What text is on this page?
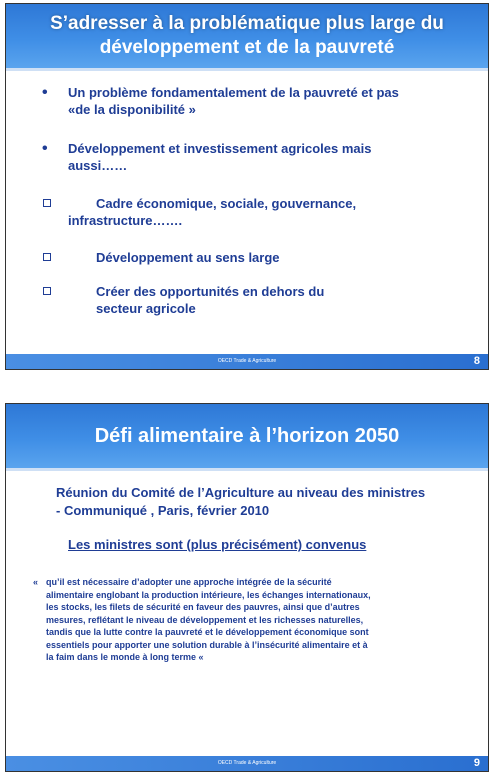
S’adresser à la problématique plus large du
développement et de la pauvreté
• Un problème fondamentalement de la pauvreté et pas
«de la disponibilité »
• Développement et investissement agricoles mais
aussi……
Cadre économique, sociale, gouvernance,
infrastructure…….
Développement au sens large
Créer des opportunités en dehors du
secteur agricole
OECD Trade & Agriculture	8
Défi alimentaire à l’horizon 2050
Réunion du Comité de l’Agriculture au niveau des ministres
- Communiqué , Paris, février 2010
Les ministres sont (plus précisément) convenus
« qu’il est nécessaire d’adopter une approche intégrée de la sécurité
alimentaire englobant la production intérieure, les échanges internationaux,
les stocks, les filets de sécurité en faveur des pauvres, ainsi que d’autres
mesures, reflétant le niveau de développement et les richesses naturelles,
tandis que la lutte contre la pauvreté et le développement économique sont
essentiels pour apporter une solution durable à l’insécurité alimentaire et à
la faim dans le monde à long terme «
OECD Trade & Agriculture	9
